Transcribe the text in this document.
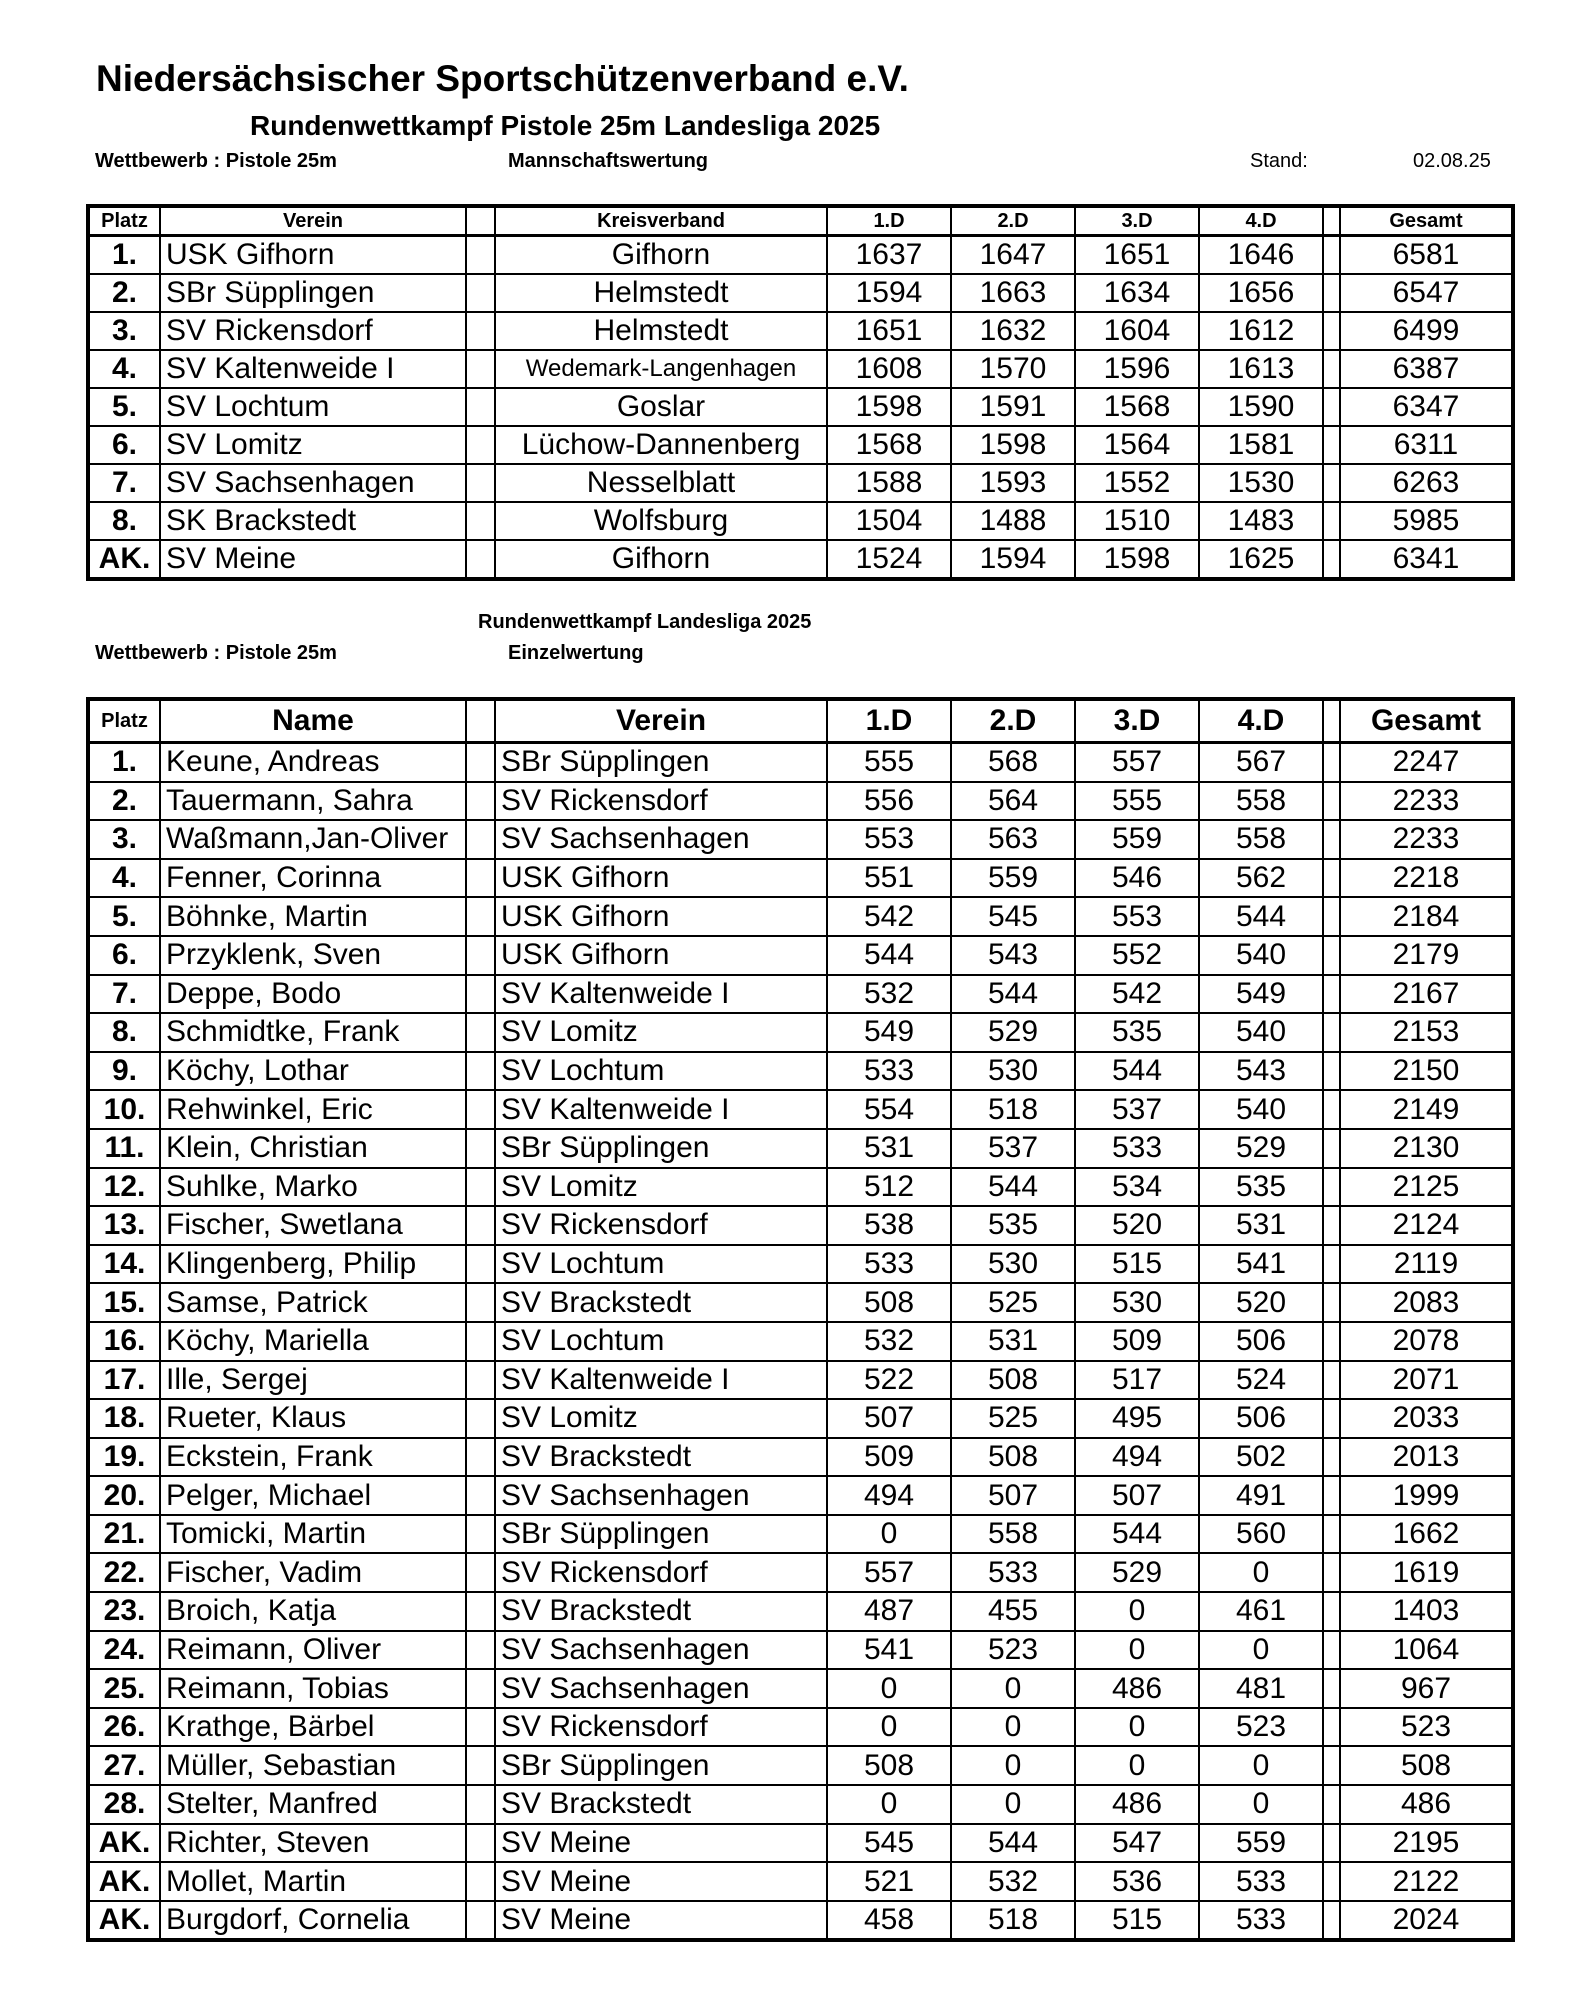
Niedersächsischer Sportschützenverband e.V.
Rundenwettkampf Pistole 25m Landesliga 2025
Wettbewerb : Pistole 25m	Mannschaftswertung	Stand:	02.08.25
Platz	Verein		Kreisverband	1.D	2.D	3.D	4.D		Gesamt
1.	USK Gifhorn		Gifhorn	1637	1647	1651	1646		6581
2.	SBr Süpplingen		Helmstedt	1594	1663	1634	1656		6547
3.	SV Rickensdorf		Helmstedt	1651	1632	1604	1612		6499
4.	SV Kaltenweide I		Wedemark-Langenhagen	1608	1570	1596	1613		6387
5.	SV Lochtum		Goslar	1598	1591	1568	1590		6347
6.	SV Lomitz		Lüchow-Dannenberg	1568	1598	1564	1581		6311
7.	SV Sachsenhagen		Nesselblatt	1588	1593	1552	1530		6263
8.	SK Brackstedt		Wolfsburg	1504	1488	1510	1483		5985
AK.	SV Meine		Gifhorn	1524	1594	1598	1625		6341
Rundenwettkampf Landesliga 2025
Wettbewerb : Pistole 25m	Einzelwertung
Platz	Name		Verein	1.D	2.D	3.D	4.D		Gesamt
1.	Keune, Andreas		SBr Süpplingen	555	568	557	567		2247
2.	Tauermann, Sahra		SV Rickensdorf	556	564	555	558		2233
3.	Waßmann,Jan-Oliver		SV Sachsenhagen	553	563	559	558		2233
4.	Fenner, Corinna		USK Gifhorn	551	559	546	562		2218
5.	Böhnke, Martin		USK Gifhorn	542	545	553	544		2184
6.	Przyklenk, Sven		USK Gifhorn	544	543	552	540		2179
7.	Deppe, Bodo		SV Kaltenweide I	532	544	542	549		2167
8.	Schmidtke, Frank		SV Lomitz	549	529	535	540		2153
9.	Köchy, Lothar		SV Lochtum	533	530	544	543		2150
10.	Rehwinkel, Eric		SV Kaltenweide I	554	518	537	540		2149
11.	Klein, Christian		SBr Süpplingen	531	537	533	529		2130
12.	Suhlke, Marko		SV Lomitz	512	544	534	535		2125
13.	Fischer, Swetlana		SV Rickensdorf	538	535	520	531		2124
14.	Klingenberg, Philip		SV Lochtum	533	530	515	541		2119
15.	Samse, Patrick		SV Brackstedt	508	525	530	520		2083
16.	Köchy, Mariella		SV Lochtum	532	531	509	506		2078
17.	Ille, Sergej		SV Kaltenweide I	522	508	517	524		2071
18.	Rueter, Klaus		SV Lomitz	507	525	495	506		2033
19.	Eckstein, Frank		SV Brackstedt	509	508	494	502		2013
20.	Pelger, Michael		SV Sachsenhagen	494	507	507	491		1999
21.	Tomicki, Martin		SBr Süpplingen	0	558	544	560		1662
22.	Fischer, Vadim		SV Rickensdorf	557	533	529	0		1619
23.	Broich, Katja		SV Brackstedt	487	455	0	461		1403
24.	Reimann, Oliver		SV Sachsenhagen	541	523	0	0		1064
25.	Reimann, Tobias		SV Sachsenhagen	0	0	486	481		967
26.	Krathge, Bärbel		SV Rickensdorf	0	0	0	523		523
27.	Müller, Sebastian		SBr Süpplingen	508	0	0	0		508
28.	Stelter, Manfred		SV Brackstedt	0	0	486	0		486
AK.	Richter, Steven		SV Meine	545	544	547	559		2195
AK.	Mollet, Martin		SV Meine	521	532	536	533		2122
AK.	Burgdorf, Cornelia		SV Meine	458	518	515	533		2024
